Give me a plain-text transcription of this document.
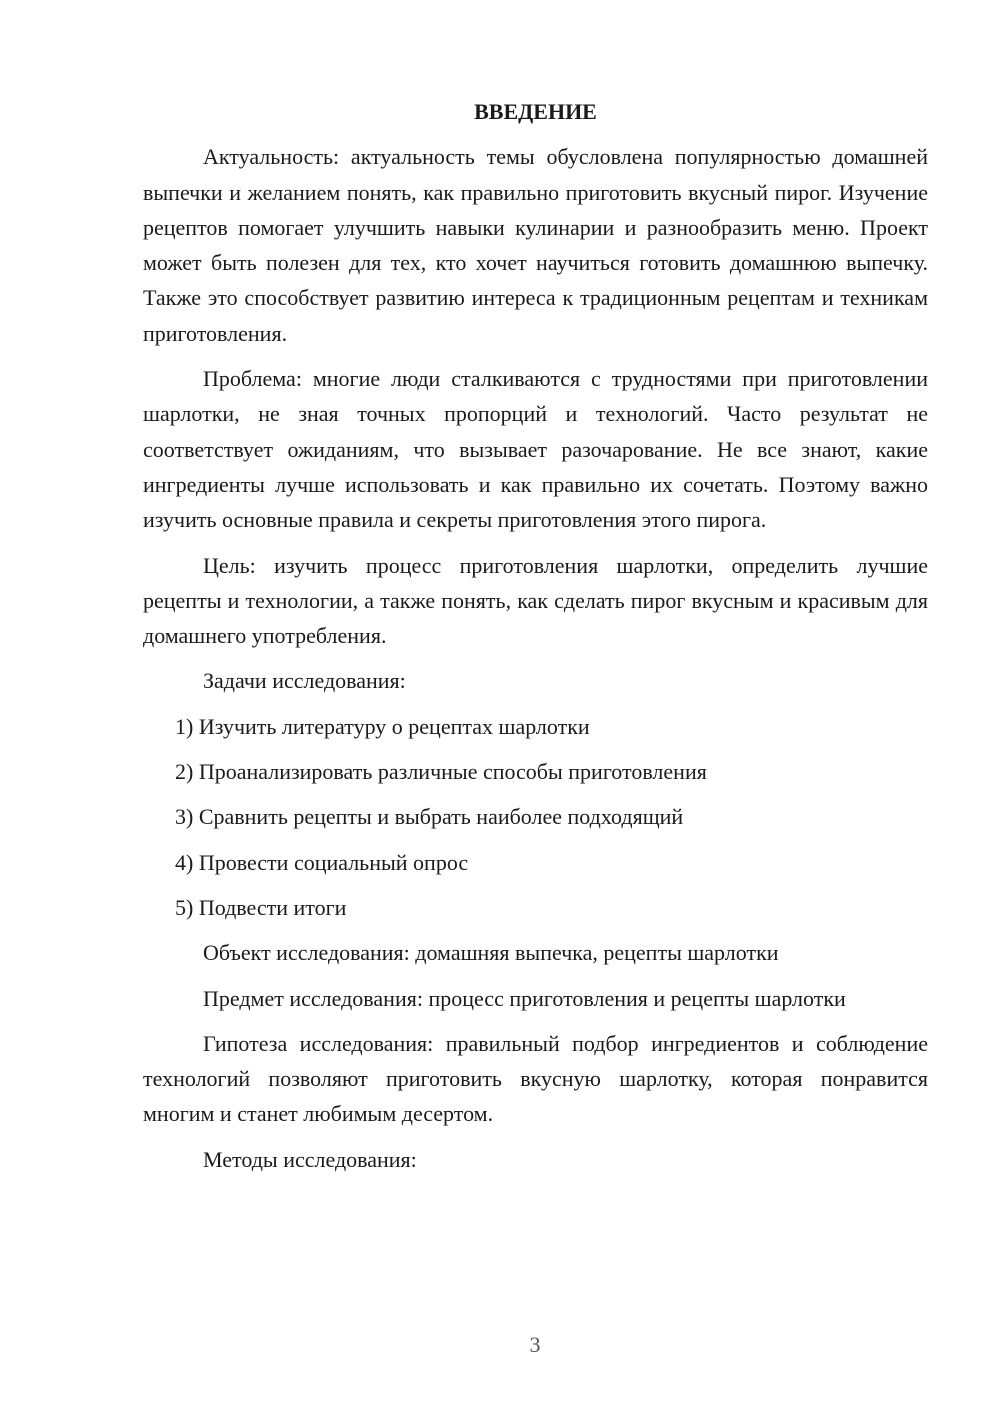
ВВЕДЕНИЕ

Актуальность: актуальность темы обусловлена популярностью домашней выпечки и желанием понять, как правильно приготовить вкусный пирог. Изучение рецептов помогает улучшить навыки кулинарии и разнообразить меню. Проект может быть полезен для тех, кто хочет научиться готовить домашнюю выпечку. Также это способствует развитию интереса к традиционным рецептам и техникам приготовления.

Проблема: многие люди сталкиваются с трудностями при приготовлении шарлотки, не зная точных пропорций и технологий. Часто результат не соответствует ожиданиям, что вызывает разочарование. Не все знают, какие ингредиенты лучше использовать и как правильно их сочетать. Поэтому важно изучить основные правила и секреты приготовления этого пирога.

Цель: изучить процесс приготовления шарлотки, определить лучшие рецепты и технологии, а также понять, как сделать пирог вкусным и красивым для домашнего употребления.

Задачи исследования:

1) Изучить литературу о рецептах шарлотки
2) Проанализировать различные способы приготовления
3) Сравнить рецепты и выбрать наиболее подходящий
4) Провести социальный опрос
5) Подвести итоги

Объект исследования: домашняя выпечка, рецепты шарлотки

Предмет исследования: процесс приготовления и рецепты шарлотки

Гипотеза исследования: правильный подбор ингредиентов и соблюдение технологий позволяют приготовить вкусную шарлотку, которая понравится многим и станет любимым десертом.

Методы исследования:

3
